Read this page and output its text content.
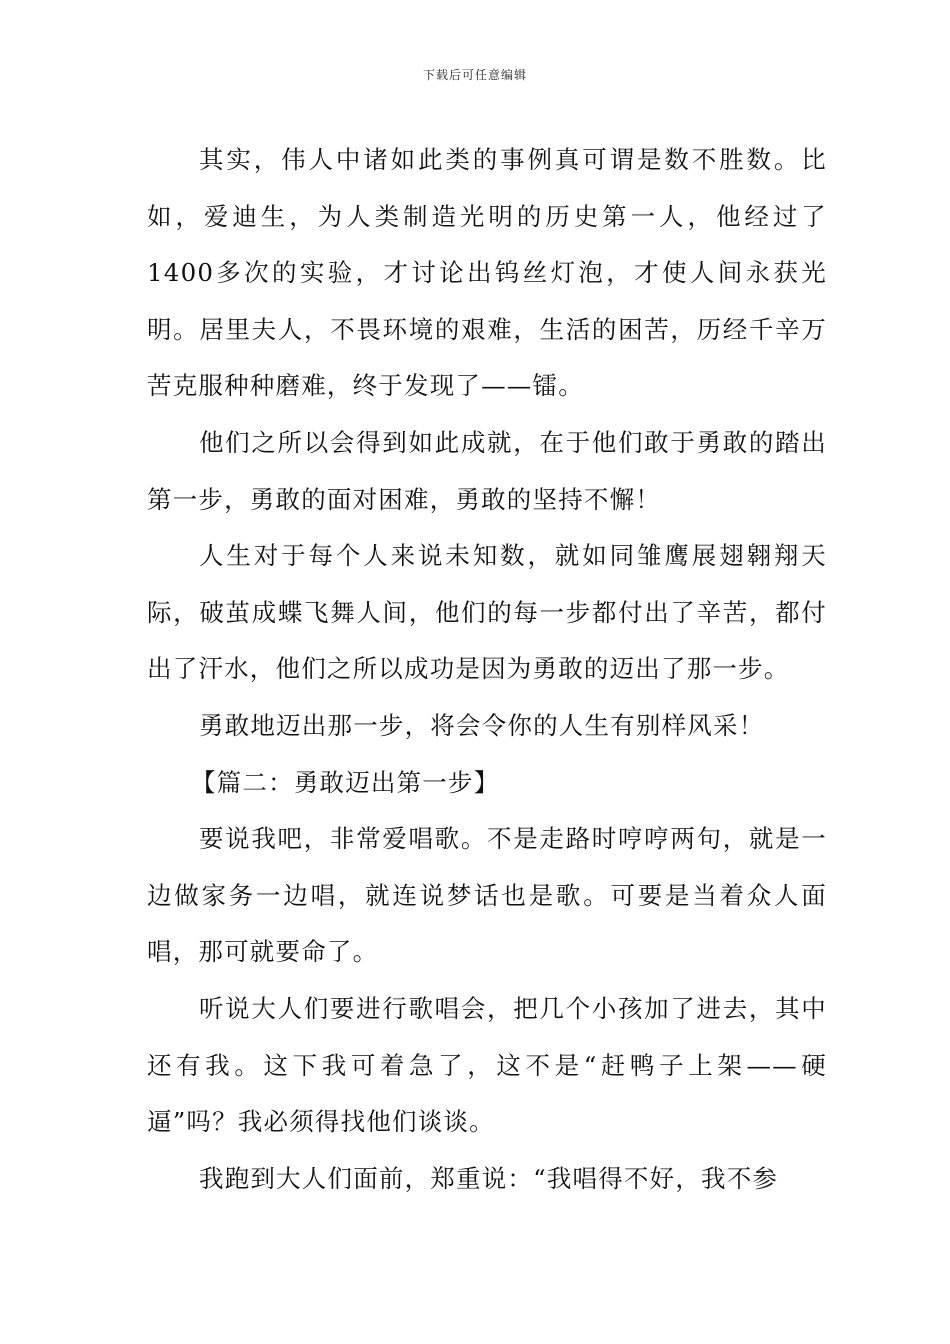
下载后可任意编辑

其实，伟人中诸如此类的事例真可谓是数不胜数。比如，爱迪生，为人类制造光明的历史第一人，他经过了1400多次的实验，才讨论出钨丝灯泡，才使人间永获光明。居里夫人，不畏环境的艰难，生活的困苦，历经千辛万苦克服种种磨难，终于发现了——镭。

他们之所以会得到如此成就，在于他们敢于勇敢的踏出第一步，勇敢的面对困难，勇敢的坚持不懈！

人生对于每个人来说未知数，就如同雏鹰展翅翱翔天际，破茧成蝶飞舞人间，他们的每一步都付出了辛苦，都付出了汗水，他们之所以成功是因为勇敢的迈出了那一步。

勇敢地迈出那一步，将会令你的人生有别样风采！

【篇二：勇敢迈出第一步】

要说我吧，非常爱唱歌。不是走路时哼哼两句，就是一边做家务一边唱，就连说梦话也是歌。可要是当着众人面唱，那可就要命了。

听说大人们要进行歌唱会，把几个小孩加了进去，其中还有我。这下我可着急了，这不是“赶鸭子上架——硬逼”吗？我必须得找他们谈谈。

我跑到大人们面前，郑重说：“我唱得不好，我不参
